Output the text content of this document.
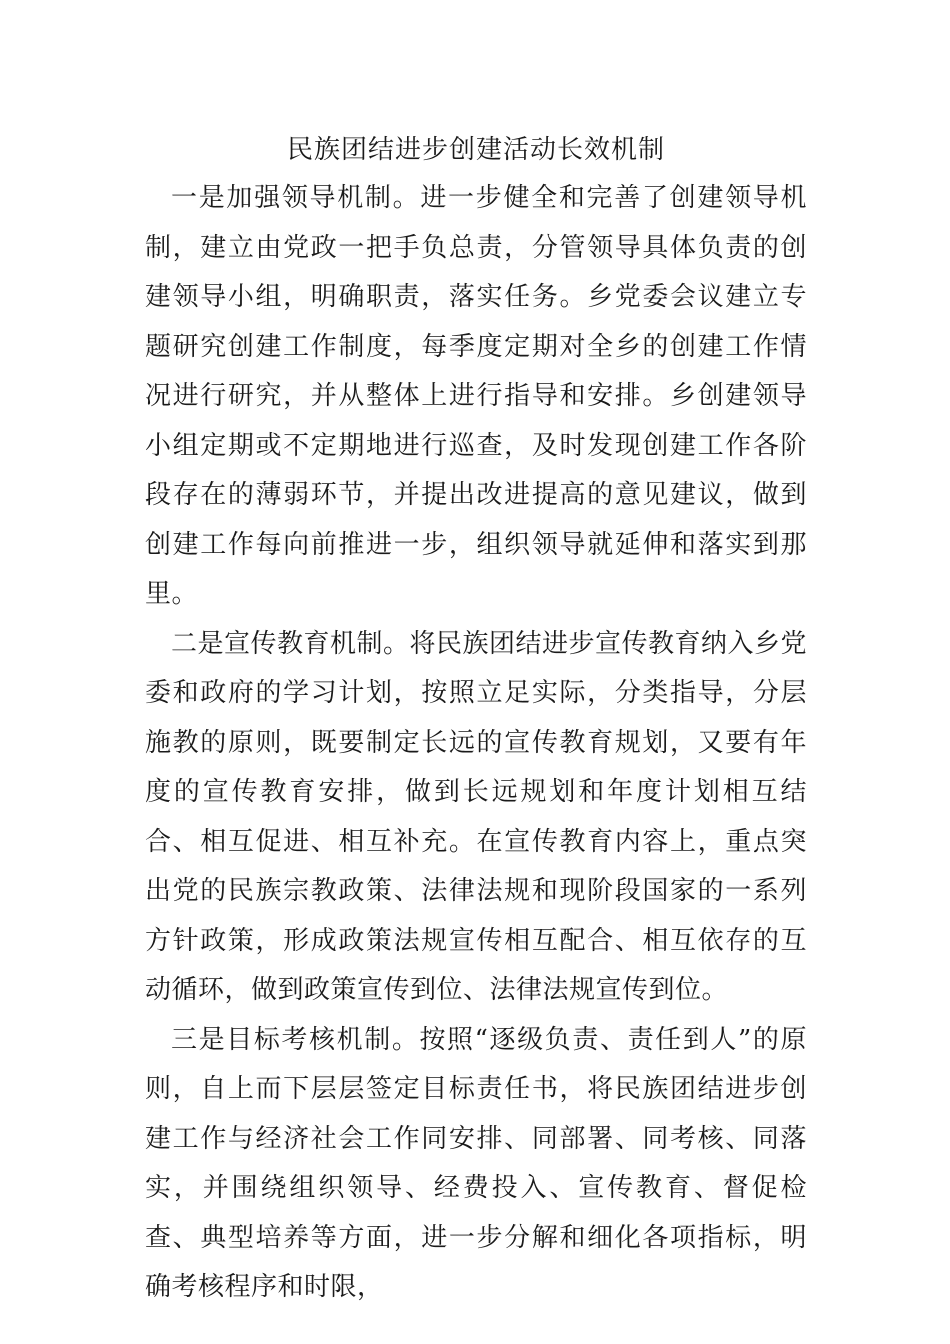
民族团结进步创建活动长效机制

一是加强领导机制。进一步健全和完善了创建领导机制，建立由党政一把手负总责，分管领导具体负责的创建领导小组，明确职责，落实任务。乡党委会议建立专题研究创建工作制度，每季度定期对全乡的创建工作情况进行研究，并从整体上进行指导和安排。乡创建领导小组定期或不定期地进行巡查，及时发现创建工作各阶段存在的薄弱环节，并提出改进提高的意见建议，做到创建工作每向前推进一步，组织领导就延伸和落实到那里。

二是宣传教育机制。将民族团结进步宣传教育纳入乡党委和政府的学习计划，按照立足实际，分类指导，分层施教的原则，既要制定长远的宣传教育规划，又要有年度的宣传教育安排，做到长远规划和年度计划相互结合、相互促进、相互补充。在宣传教育内容上，重点突出党的民族宗教政策、法律法规和现阶段国家的一系列方针政策，形成政策法规宣传相互配合、相互依存的互动循环，做到政策宣传到位、法律法规宣传到位。

三是目标考核机制。按照“逐级负责、责任到人”的原则，自上而下层层签定目标责任书，将民族团结进步创建工作与经济社会工作同安排、同部署、同考核、同落实，并围绕组织领导、经费投入、宣传教育、督促检查、典型培养等方面，进一步分解和细化各项指标，明确考核程序和时限，
